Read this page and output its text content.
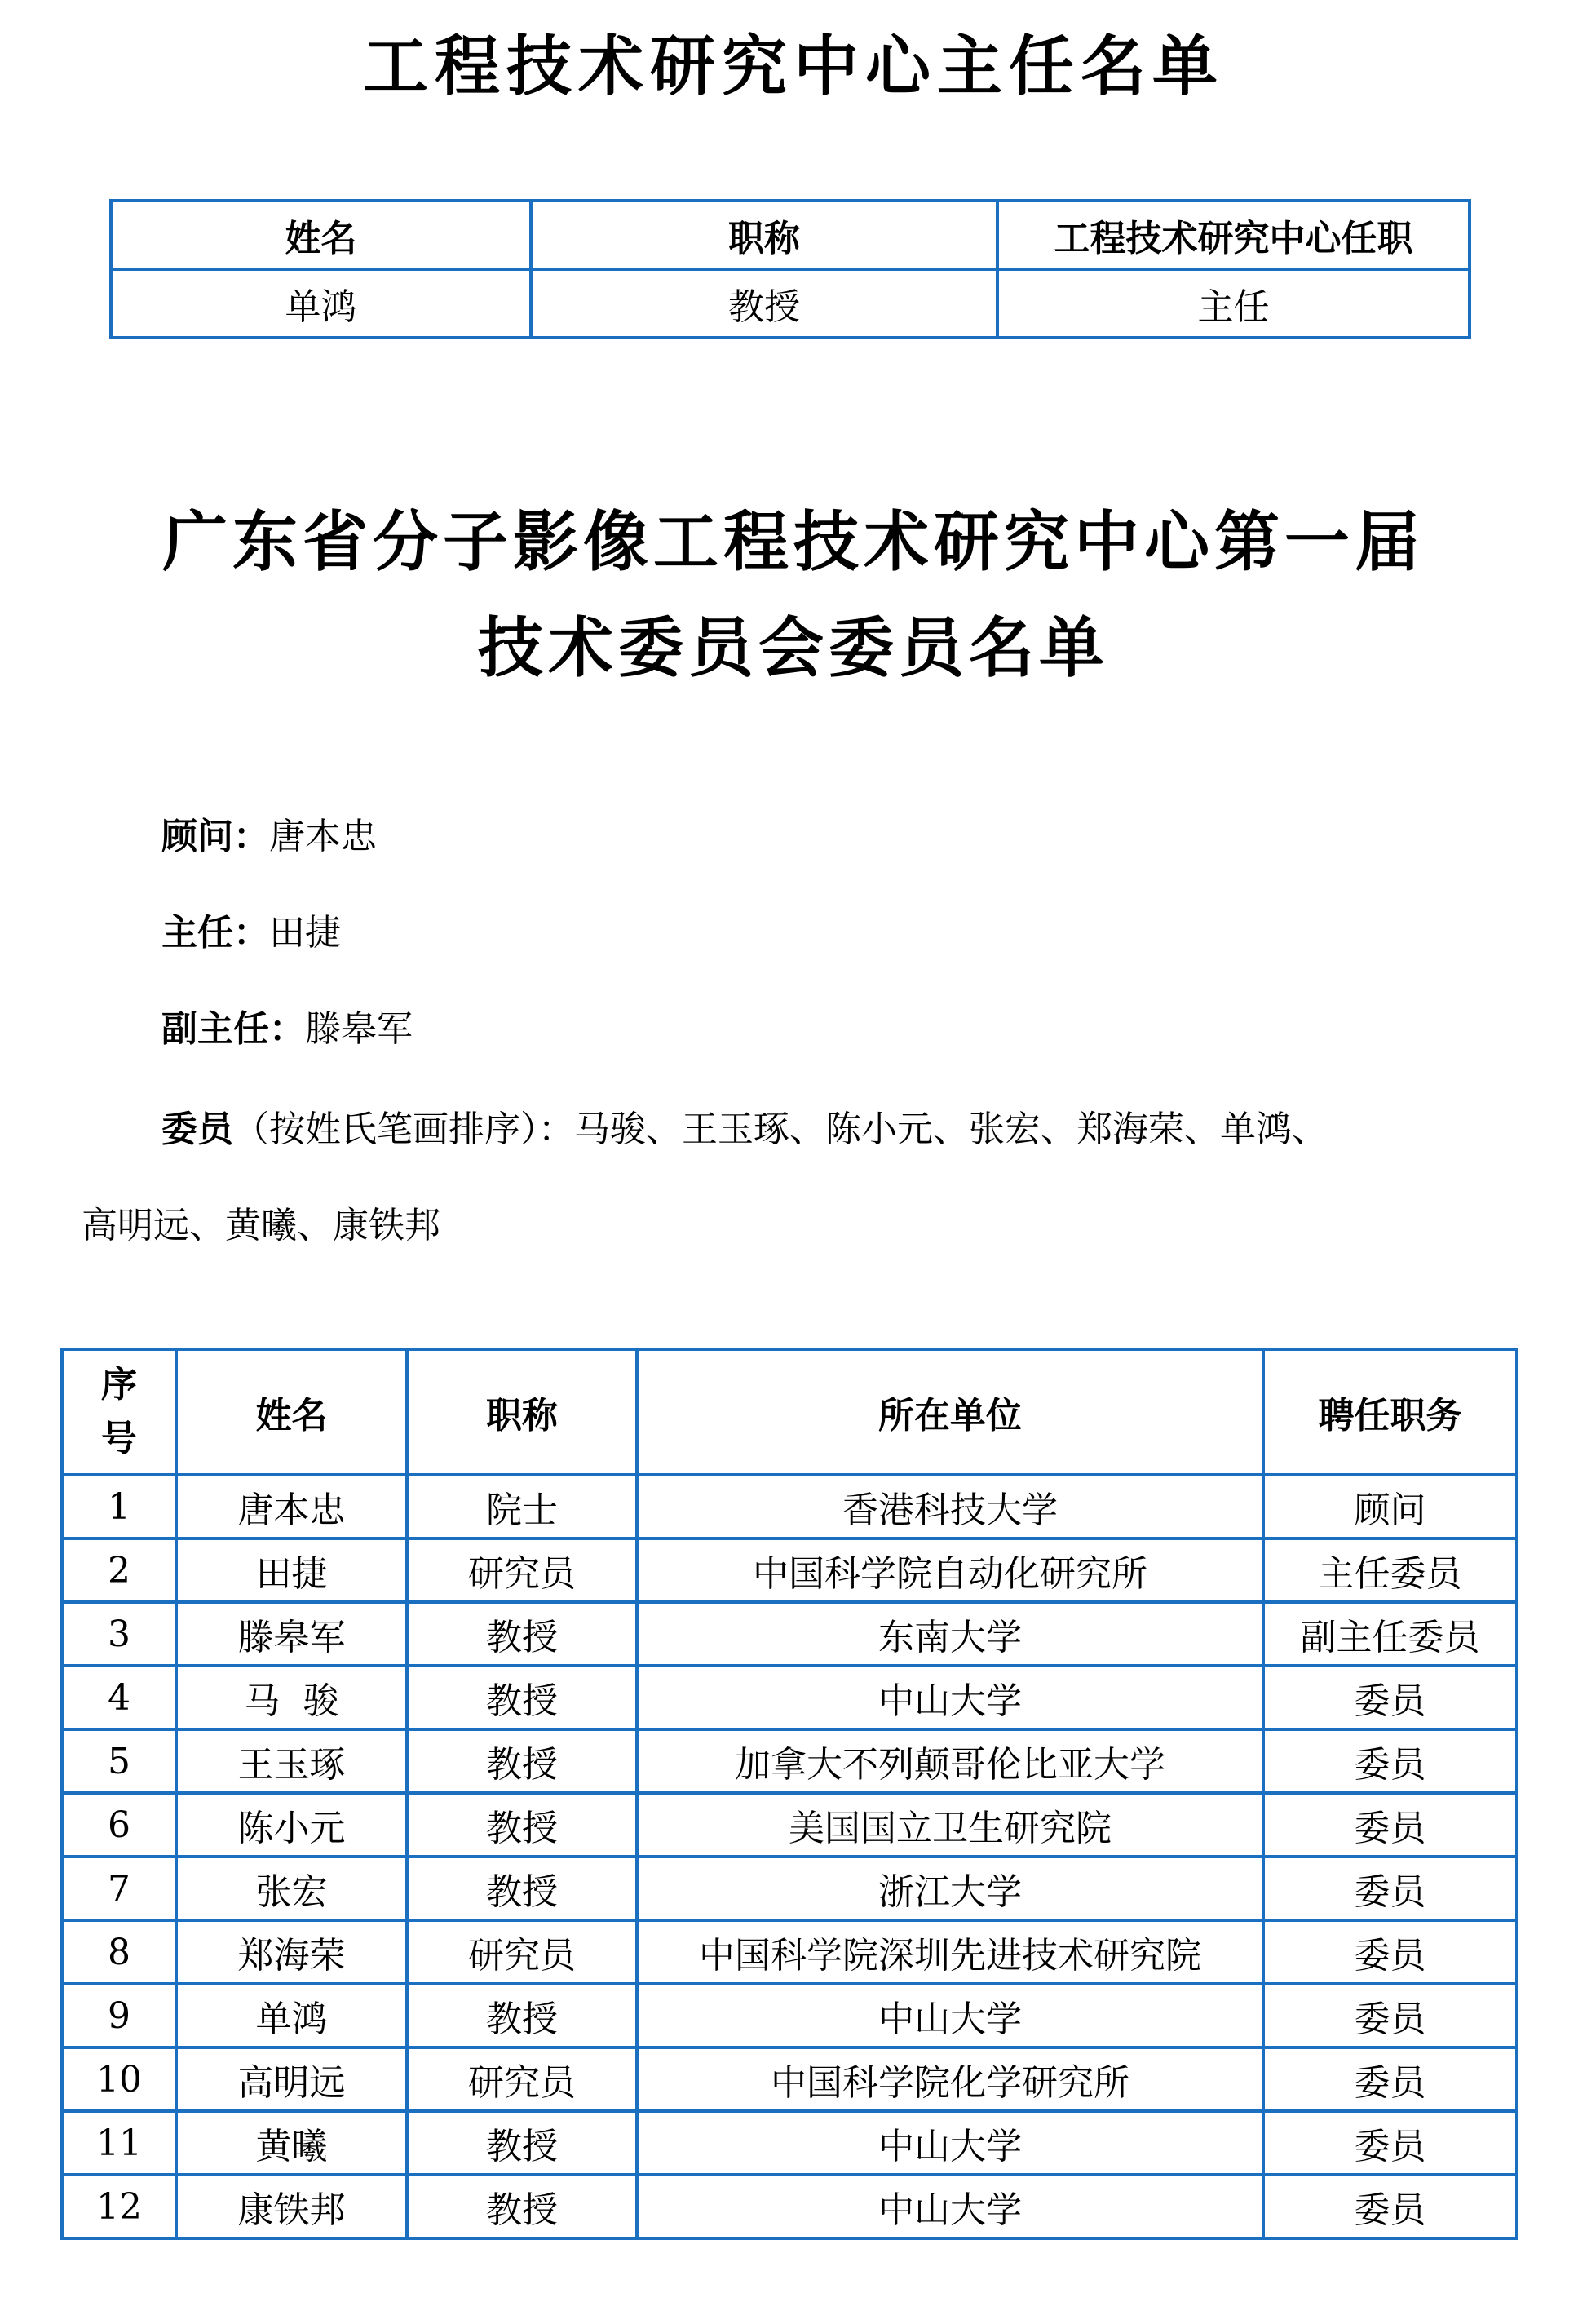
工程技术研究中心主任名单
姓名	职称	工程技术研究中心任职
单鸿	教授	主任
广东省分子影像工程技术研究中心第一届
技术委员会委员名单
顾问：唐本忠
主任：田捷
副主任：滕皋军
委员（按姓氏笔画排序）：马骏、王玉琢、陈小元、张宏、郑海荣、单鸿、
高明远、黄曦、康铁邦
序
号	姓名	职称	所在单位	聘任职务
1	唐本忠	院士	香港科技大学	顾问
2	田捷	研究员	中国科学院自动化研究所	主任委员
3	滕皋军	教授	东南大学	副主任委员
4	马  骏	教授	中山大学	委员
5	王玉琢	教授	加拿大不列颠哥伦比亚大学	委员
6	陈小元	教授	美国国立卫生研究院	委员
7	张宏	教授	浙江大学	委员
8	郑海荣	研究员	中国科学院深圳先进技术研究院	委员
9	单鸿	教授	中山大学	委员
10	高明远	研究员	中国科学院化学研究所	委员
11	黄曦	教授	中山大学	委员
12	康铁邦	教授	中山大学	委员
